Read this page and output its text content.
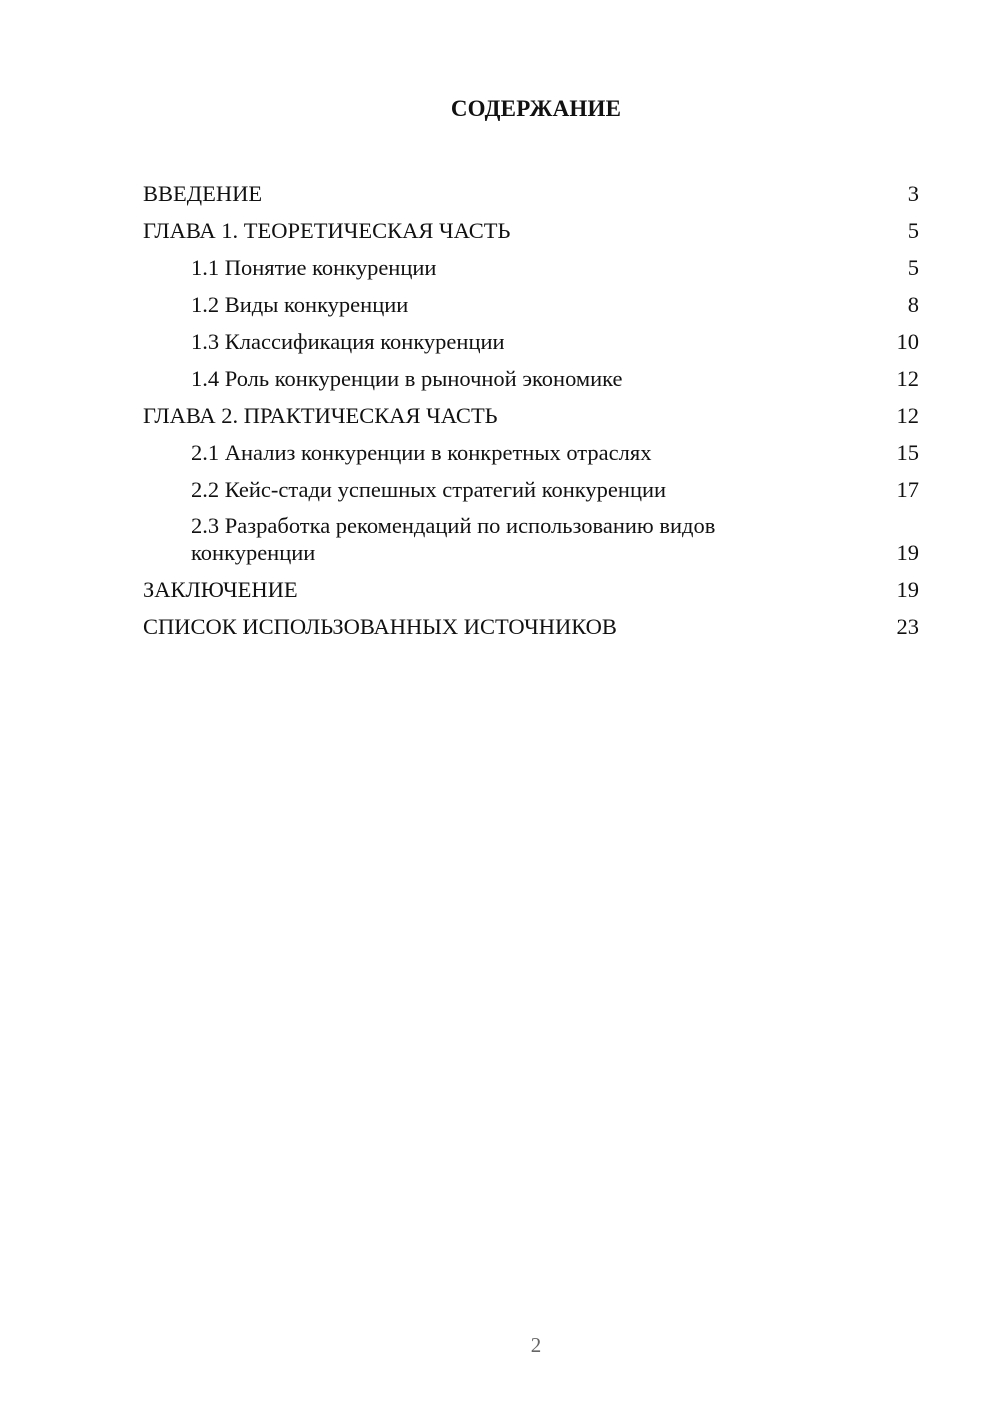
СОДЕРЖАНИЕ
ВВЕДЕНИЕ	3
ГЛАВА 1. ТЕОРЕТИЧЕСКАЯ ЧАСТЬ	5
1.1 Понятие конкуренции	5
1.2 Виды конкуренции	8
1.3 Классификация конкуренции	10
1.4 Роль конкуренции в рыночной экономике	12
ГЛАВА 2. ПРАКТИЧЕСКАЯ ЧАСТЬ	12
2.1 Анализ конкуренции в конкретных отраслях	15
2.2 Кейс-стади успешных стратегий конкуренции	17
2.3 Разработка рекомендаций по использованию видов конкуренции	19
ЗАКЛЮЧЕНИЕ	19
СПИСОК ИСПОЛЬЗОВАННЫХ ИСТОЧНИКОВ	23
2
